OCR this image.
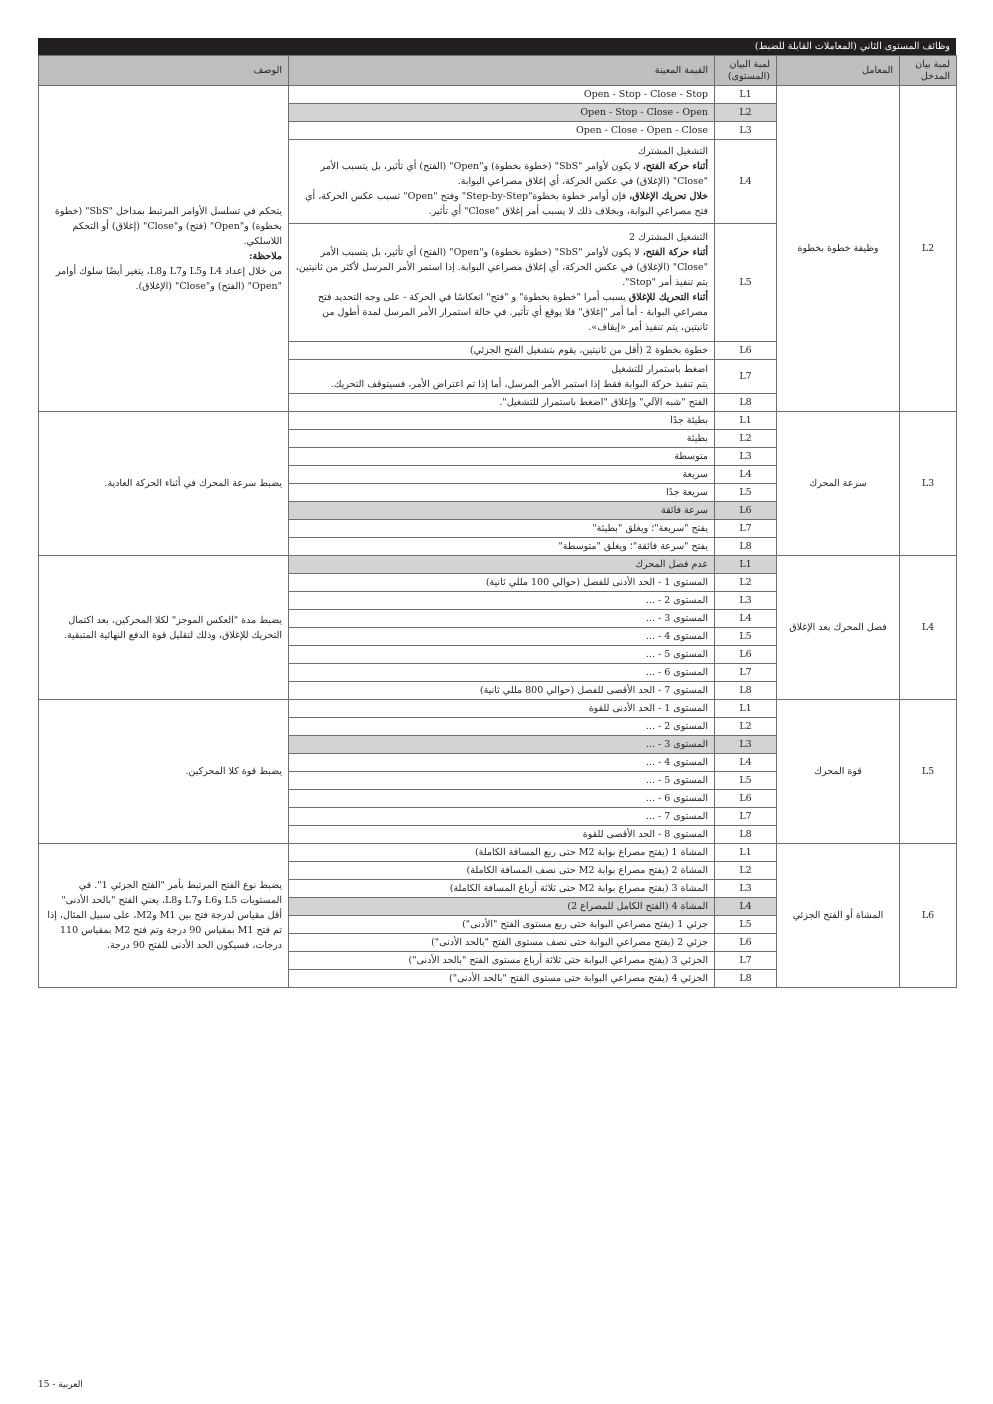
وظائف المستوى الثاني (المعاملات القابلة للضبط)
لمبة بيان المدخل	المعامل	لمبة البيان (المستوى)	القيمة المعينة	الوصف
L2	وظيفة خطوة بخطوة	L1	Open - Stop - Close - Stop	يتحكم في تسلسل الأوامر المرتبط بمداخل "SbS" (خطوة بخطوة) و"Open" (فتح) و"Close" (إغلاق) أو التحكم اللاسلكي.
ملاحظة:
من خلال إعداد L4 وL5 وL7 وL8، يتغير أيضًا سلوك أوامر "Open" (الفتح) و"Close" (الإغلاق).

		L2	Open - Stop - Close - Open	

		L3	Open - Close - Open - Close	

		L4	التشغيل المشترك
أثناء حركة الفتح، لا يكون لأوامر "SbS" (خطوة بخطوة) و"Open" (الفتح) أي تأثير، بل يتسبب الأمر "Close" (الإغلاق) في عكس الحركة، أي إغلاق مصراعي البوابة.
خلال تحريك الإغلاق، فإن أوامر خطوة بخطوة"Step-by-Step" وفتح "Open" تسبب عكس الحركة، أي فتح مصراعي البوابة، وبخلاف ذلك لا يسبب أمر إغلاق "Close" أي تأثير.	

		L5	التشغيل المشترك 2
أثناء حركة الفتح، لا يكون لأوامر "SbS" (خطوة بخطوة) و"Open" (الفتح) أي تأثير، بل يتسبب الأمر "Close" (الإغلاق) في عكس الحركة، أي إغلاق مصراعي البوابة. إذا استمر الأمر المرسل لأكثر من ثانيتين، يتم تنفيذ أمر "Stop".
أثناء التحريك للإغلاق يسبب أمرا "خطوة بخطوة" و "فتح" انعكاسًا في الحركة - على وجه التحديد فتح مصراعي البوابة - أما أمر "إغلاق" فلا يوقع أي تأثير. في حالة استمرار الأمر المرسل لمدة أطول من ثانيتين، يتم تنفيذ أمر «إيقاف».	

		L6	خطوة بخطوة 2 (أقل من ثانيتين، يقوم بتشغيل الفتح الجزئي)	

		L7	اضغط باستمرار للتشغيل
يتم تنفيذ حركة البوابة فقط إذا استمر الأمر المرسل، أما إذا تم اعتراض الأمر، فسيتوقف التحريك.	

		L8	الفتح "شبه الآلي" وإغلاق "اضغط باستمرار للتشغيل".	

L3	سرعة المحرك	L1	بطيئة جدًا	يضبط سرعة المحرك في أثناء الحركة العادية.

		L2	بطيئة	

		L3	متوسطة	

		L4	سريعة	

		L5	سريعة جدًا	

		L6	سرعة فائقة	

		L7	يفتح "سريعة"؛ ويغلق "بطيئة"	

		L8	يفتح "سرعة فائقة"؛ ويغلق "متوسطة"	

L4	فصل المحرك بعد الإغلاق	L1	عدم فصل المحرك	يضبط مدة "العكس الموجز" لكلا المحركين، بعد اكتمال التحريك للإغلاق، وذلك لتقليل قوة الدفع النهائية المتبقية.

		L2	المستوى 1 - الحد الأدنى للفصل (حوالي 100 مللي ثانية)	

		L3	المستوى 2 - ...	

		L4	المستوى 3 - ...	

		L5	المستوى 4 - ...	

		L6	المستوى 5 - ...	

		L7	المستوى 6 - ...	

		L8	المستوى 7 - الحد الأقصى للفصل (حوالي 800 مللي ثانية)	

L5	قوة المحرك	L1	المستوى 1 - الحد الأدنى للقوة	يضبط قوة كلا المحركين.

		L2	المستوى 2 - ...	

		L3	المستوى 3 - ...	

		L4	المستوى 4 - ...	

		L5	المستوى 5 - ...	

		L6	المستوى 6 - ...	

		L7	المستوى 7 - ...	

		L8	المستوى 8 - الحد الأقصى للقوة	

L6	المشاة أو الفتح الجزئي	L1	المشاة 1 (يفتح مصراع بوابة M2 حتى ربع المسافة الكاملة)	يضبط نوع الفتح المرتبط بأمر "الفتح الجزئي 1". في المستويات L5 وL6 وL7 وL8، يعني الفتح "بالحد الأدنى" أقل مقياس لدرجة فتح بين M1 وM2، على سبيل المثال، إذا تم فتح M1 بمقياس 90 درجة وتم فتح M2 بمقياس 110 درجات، فسيكون الحد الأدنى للفتح 90 درجة.

		L2	المشاة 2 (يفتح مصراع بوابة M2 حتى نصف المسافة الكاملة)	

		L3	المشاة 3 (يفتح مصراع بوابة M2 حتى ثلاثة أرباع المسافة الكاملة)	

		L4	المشاة 4 (الفتح الكامل للمصراع 2)	

		L5	جزئي 1 (يفتح مصراعي البوابة حتى ربع مستوى الفتح "الأدنى")	

		L6	جزئي 2 (يفتح مصراعي البوابة حتى نصف مستوى الفتح "بالحد الأدنى")	

		L7	الجزئي 3 (يفتح مصراعي البوابة حتى ثلاثة أرباع مستوى الفتح "بالحد الأدنى")	

		L8	الجزئي 4 (يفتح مصراعي البوابة حتى مستوى الفتح "بالحد الأدنى")	
العربية - 15
